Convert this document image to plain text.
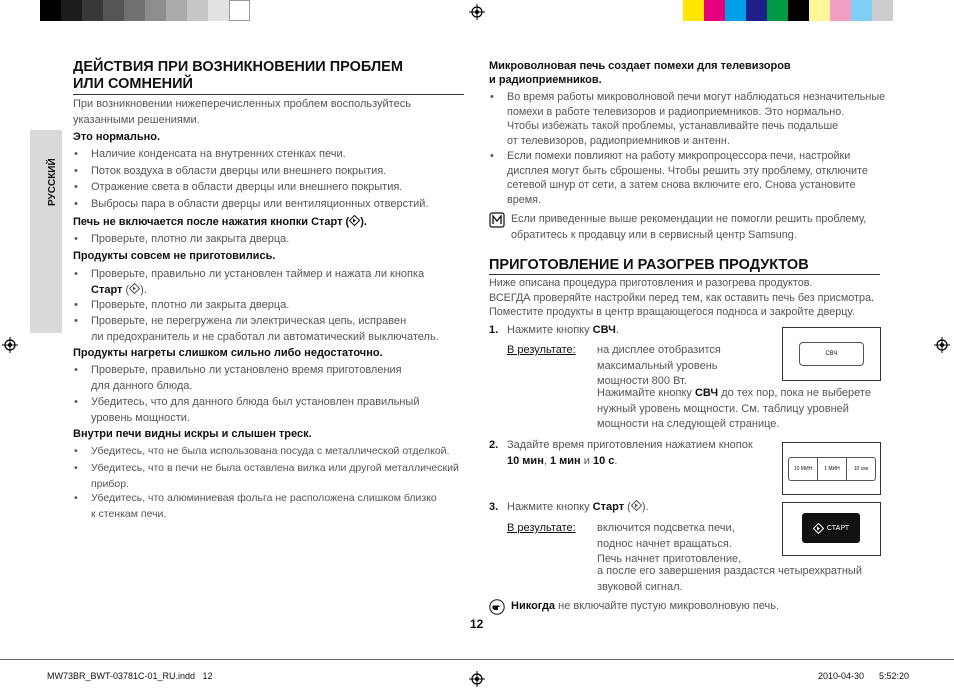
РУССКИЙ
ДЕЙСТВИЯ ПРИ ВОЗНИКНОВЕНИИ ПРОБЛЕМ
ИЛИ СОМНЕНИЙ
При возникновении нижеперечисленных проблем воспользуйтесь
указанными решениями.
Это нормально.
• Наличие конденсата на внутренних стенках печи.
• Поток воздуха в области дверцы или внешнего покрытия.
• Отражение света в области дверцы или внешнего покрытия.
• Выбросы пара в области дверцы или вентиляционных отверстий.
Печь не включается после нажатия кнопки Старт ( ).
• Проверьте, плотно ли закрыта дверца.
Продукты совсем не приготовились.
• Проверьте, правильно ли установлен таймер и нажата ли кнопка
Старт ( ).
• Проверьте, плотно ли закрыта дверца.
• Проверьте, не перегружена ли электрическая цепь, исправен
ли предохранитель и не сработал ли автоматический выключатель.
Продукты нагреты слишком сильно либо недостаточно.
• Проверьте, правильно ли установлено время приготовления
для данного блюда.
• Убедитесь, что для данного блюда был установлен правильный
уровень мощности.
Внутри печи видны искры и слышен треск.
• Убедитесь, что не была использована посуда с металлической отделкой.
• Убедитесь, что в печи не была оставлена вилка или другой металлический
прибор.
• Убедитесь, что алюминиевая фольга не расположена слишком близко
к стенкам печи.
Микроволновая печь создает помехи для телевизоров
и радиоприемников.
• Во время работы микроволновой печи могут наблюдаться незначительные
помехи в работе телевизоров и радиоприемников. Это нормально.
Чтобы избежать такой проблемы, устанавливайте печь подальше
от телевизоров, радиоприемников и антенн.
• Если помехи повлияют на работу микропроцессора печи, настройки
дисплея могут быть сброшены. Чтобы решить эту проблему, отключите
сетевой шнур от сети, а затем снова включите его. Снова установите
время.
Если приведенные выше рекомендации не помогли решить проблему,
обратитесь к продавцу или в сервисный центр Samsung.
ПРИГОТОВЛЕНИЕ И РАЗОГРЕВ ПРОДУКТОВ
Ниже описана процедура приготовления и разогрева продуктов.
ВСЕГДА проверяйте настройки перед тем, как оставить печь без присмотра.
Поместите продукты в центр вращающегося подноса и закройте дверцу.
1. Нажмите кнопку СВЧ.
В результате: на дисплее отобразится
максимальный уровень
мощности 800 Вт.
Нажимайте кнопку СВЧ до тех пор, пока не выберете
нужный уровень мощности. См. таблицу уровней
мощности на следующей странице.
СВЧ
2. Задайте время приготовления нажатием кнопок
10 мин, 1 мин и 10 с.
10 МИН	1 МИН	10 сек
3. Нажмите кнопку Старт ( ).
В результате: включится подсветка печи,
поднос начнет вращаться.
Печь начнет приготовление,
а после его завершения раздастся четырехкратный
звуковой сигнал.
СТАРТ
Никогда не включайте пустую микроволновую печь.
12
MW73BR_BWT-03781C-01_RU.indd   12	2010-04-30 5:52:20
